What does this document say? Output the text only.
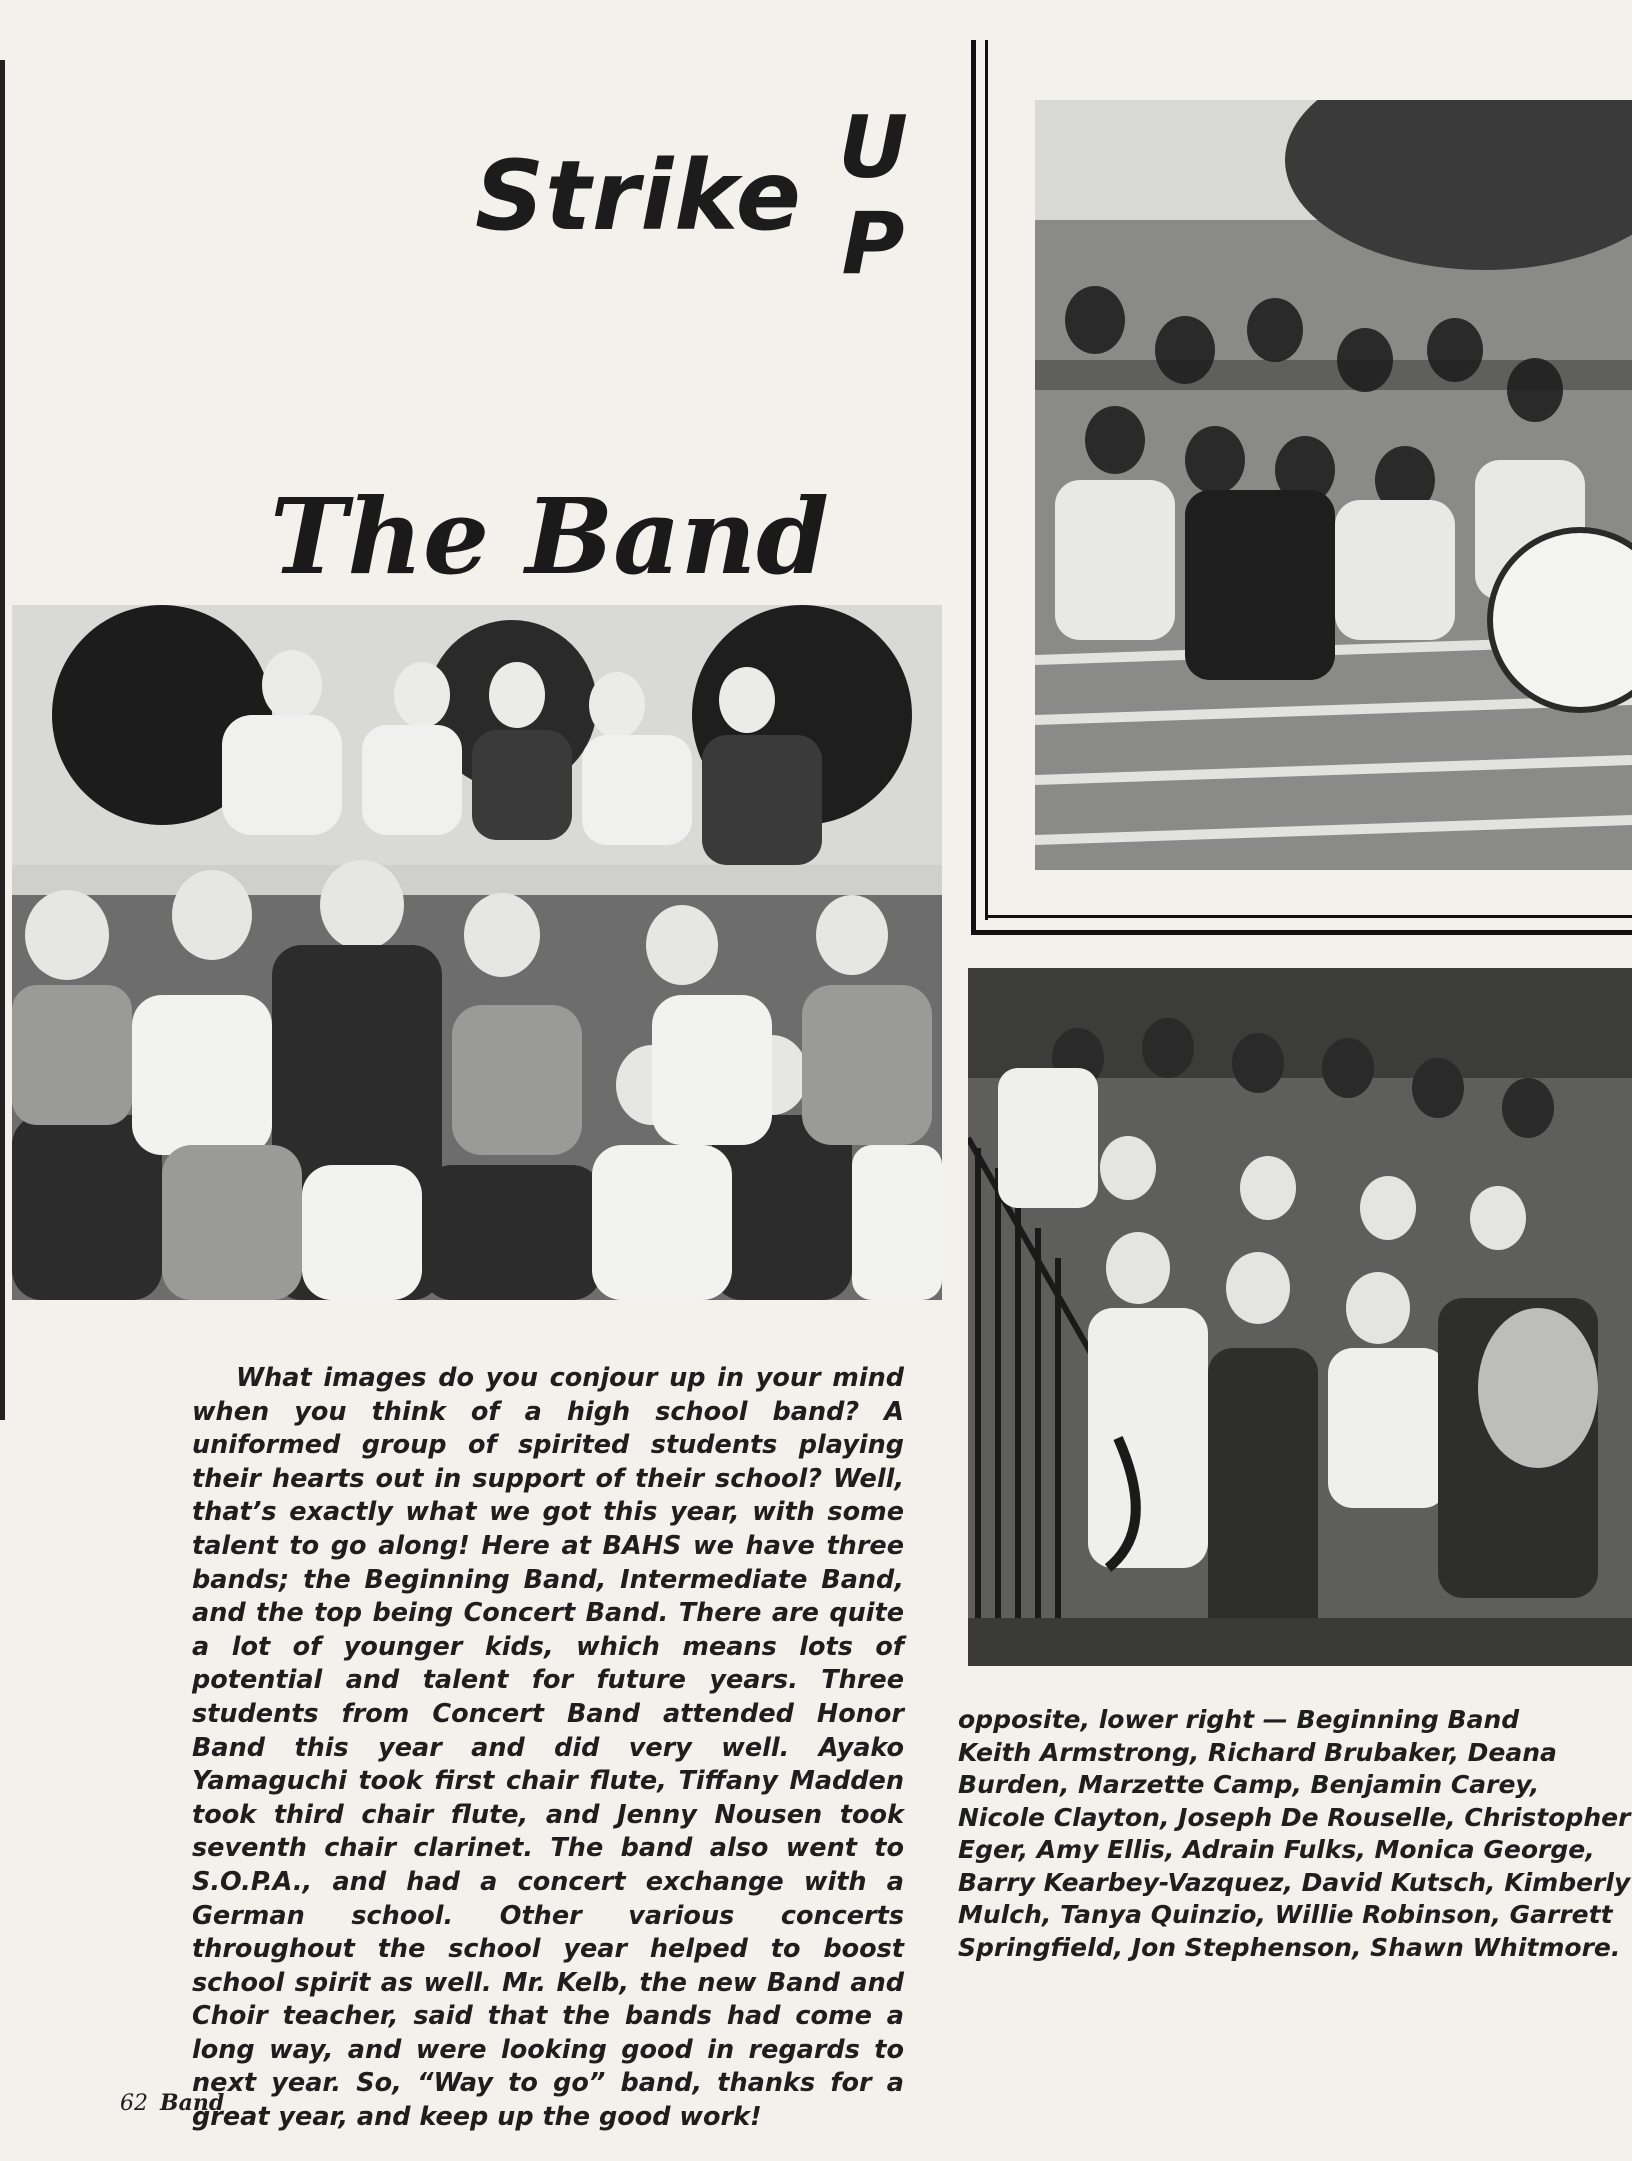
Strike U
P
The Band
What images do you conjour up in your mind when you think of a high school band? A uniformed group of spirited students playing their hearts out in support of their school? Well, that’s exactly what we got this year, with some talent to go along! Here at BAHS we have three bands; the Beginning Band, Intermediate Band, and the top being Concert Band. There are quite a lot of younger kids, which means lots of potential and talent for future years. Three students from Concert Band attended Honor Band this year and did very well. Ayako Yamaguchi took first chair flute, Tiffany Madden took third chair flute, and Jenny Nousen took seventh chair clarinet. The band also went to S.O.P.A., and had a concert exchange with a German school. Other various concerts throughout the school year helped to boost school spirit as well. Mr. Kelb, the new Band and Choir teacher, said that the bands had come a long way, and were looking good in regards to next year. So, “Way to go” band, thanks for a great year, and keep up the good work!
opposite, lower right — Beginning Band
Keith Armstrong, Richard Brubaker, Deana Burden, Marzette Camp, Benjamin Carey, Nicole Clayton, Joseph De Rouselle, Christopher Eger, Amy Ellis, Adrain Fulks, Monica George, Barry Kearbey-Vazquez, David Kutsch, Kimberly Mulch, Tanya Quinzio, Willie Robinson, Garrett Springfield, Jon Stephenson, Shawn Whitmore.
62 Band
